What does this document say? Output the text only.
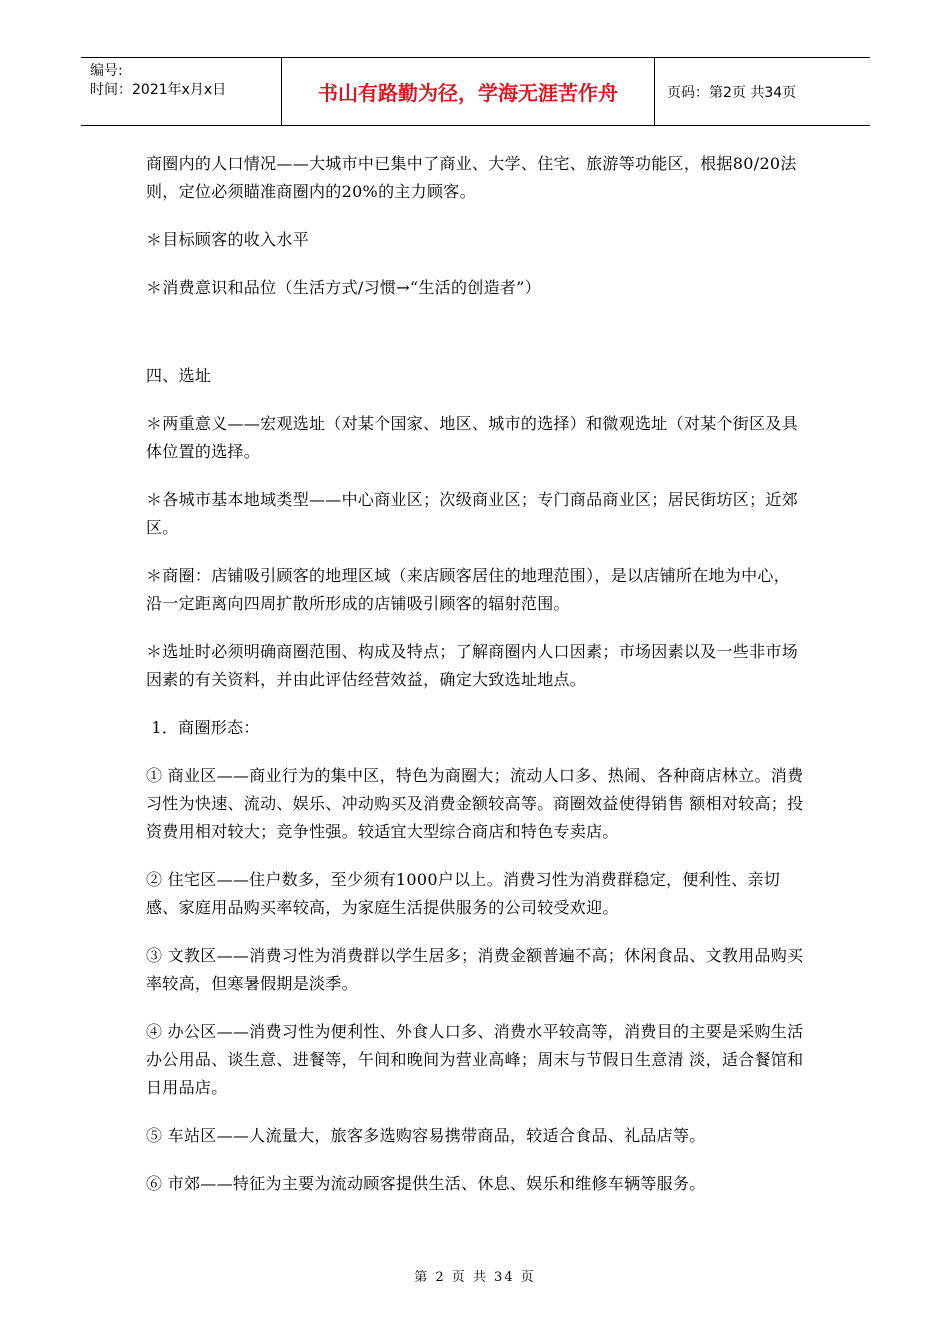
编号:
时间：2021年x月x日	书山有路勤为径，学海无涯苦作舟	页码：第2页 共34页

商圈内的人口情况——大城市中已集中了商业、大学、住宅、旅游等功能区，根据80/20法则，定位必须瞄准商圈内的20%的主力顾客。

＊目标顾客的收入水平

＊消费意识和品位（生活方式/习惯→“生活的创造者”）

四、选址

＊两重意义——宏观选址（对某个国家、地区、城市的选择）和微观选址（对某个街区及具体位置的选择。

＊各城市基本地域类型——中心商业区；次级商业区；专门商品商业区；居民街坊区；近郊区。

＊商圈：店铺吸引顾客的地理区域（来店顾客居住的地理范围），是以店铺所在地为中心，沿一定距离向四周扩散所形成的店铺吸引顾客的辐射范围。

＊选址时必须明确商圈范围、构成及特点；了解商圈内人口因素；市场因素以及一些非市场因素的有关资料，并由此评估经营效益，确定大致选址地点。

1．商圈形态：

① 商业区——商业行为的集中区，特色为商圈大；流动人口多、热闹、各种商店林立。消费习性为快速、流动、娱乐、冲动购买及消费金额较高等。商圈效益使得销售 额相对较高；投资费用相对较大；竞争性强。较适宜大型综合商店和特色专卖店。

② 住宅区——住户数多，至少须有1000户以上。消费习性为消费群稳定，便利性、亲切感、家庭用品购买率较高，为家庭生活提供服务的公司较受欢迎。

③ 文教区——消费习性为消费群以学生居多；消费金额普遍不高；休闲食品、文教用品购买率较高，但寒暑假期是淡季。

④ 办公区——消费习性为便利性、外食人口多、消费水平较高等，消费目的主要是采购生活办公用品、谈生意、进餐等，午间和晚间为营业高峰；周末与节假日生意清 淡，适合餐馆和日用品店。

⑤ 车站区——人流量大，旅客多选购容易携带商品，较适合食品、礼品店等。

⑥ 市郊——特征为主要为流动顾客提供生活、休息、娱乐和维修车辆等服务。

第 2 页 共 34 页
